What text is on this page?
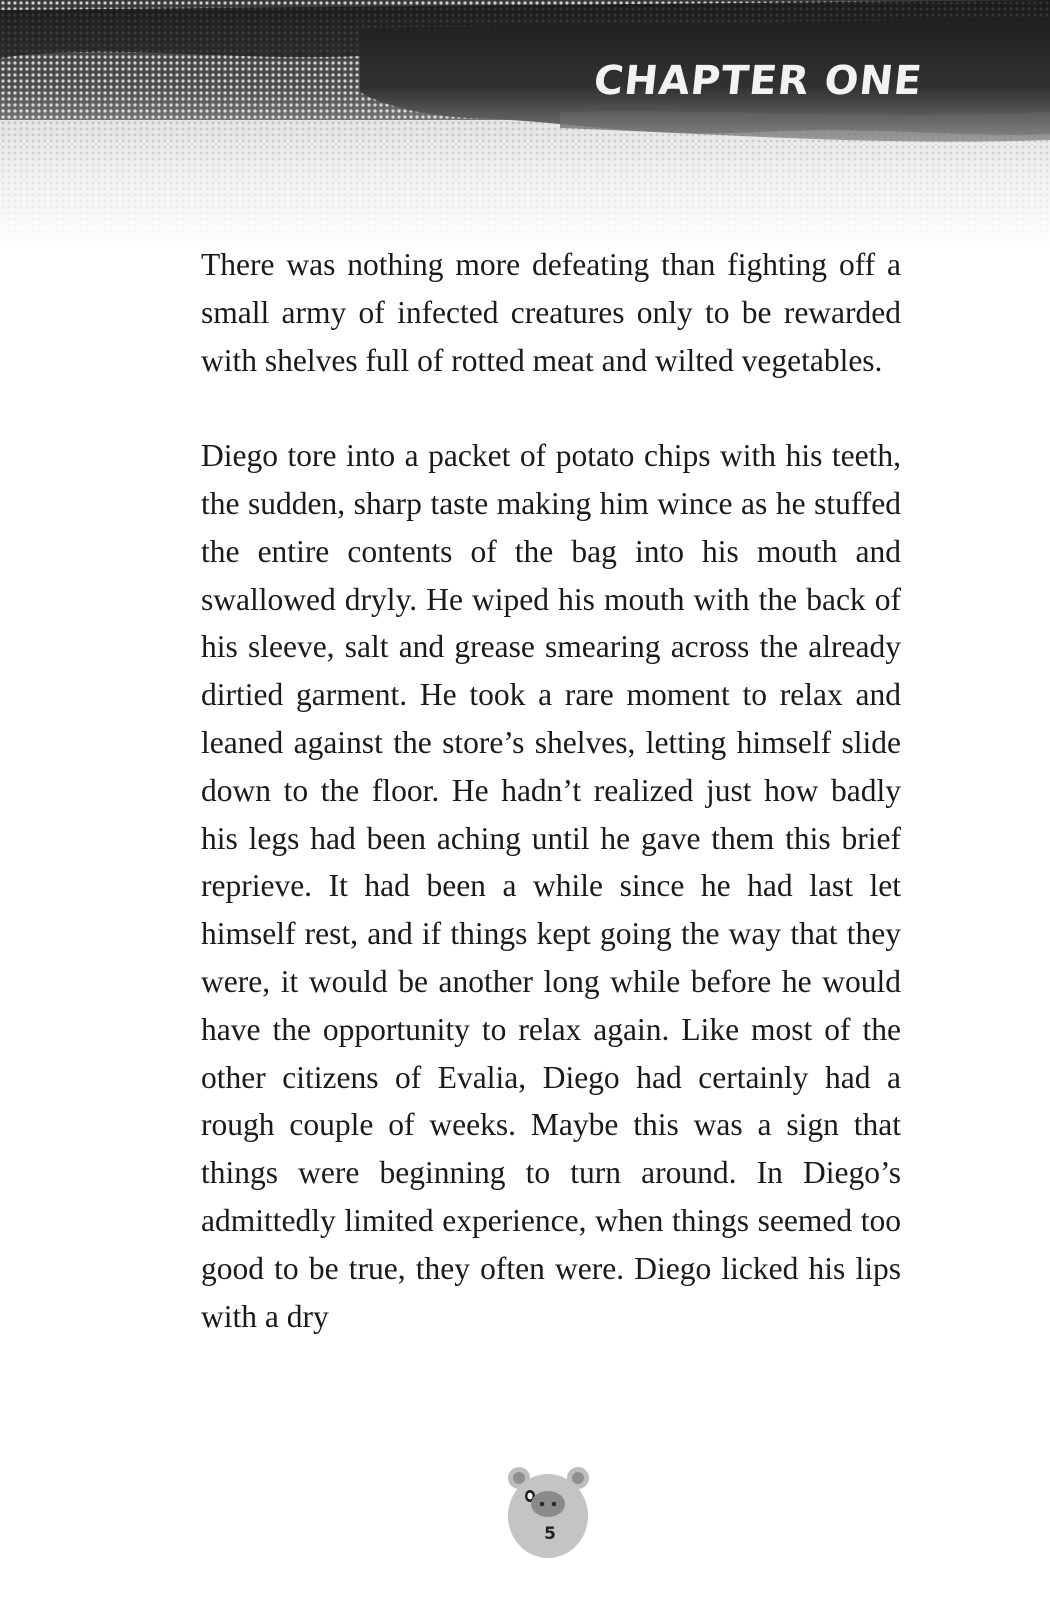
CHAPTER ONE

There was nothing more defeating than fighting off a small army of infected creatures only to be rewarded with shelves full of rotted meat and wilted vegetables.

Diego tore into a packet of potato chips with his teeth, the sudden, sharp taste making him wince as he stuffed the entire contents of the bag into his mouth and swallowed dryly. He wiped his mouth with the back of his sleeve, salt and grease smearing across the already dirtied garment. He took a rare moment to relax and leaned against the store’s shelves, letting himself slide down to the floor. He hadn’t realized just how badly his legs had been aching until he gave them this brief reprieve. It had been a while since he had last let himself rest, and if things kept going the way that they were, it would be another long while before he would have the opportunity to relax again. Like most of the other citizens of Evalia, Diego had certainly had a rough couple of weeks. Maybe this was a sign that things were beginning to turn around. In Diego’s admittedly limited experience, when things seemed too good to be true, they often were. Diego licked his lips with a dry

5
